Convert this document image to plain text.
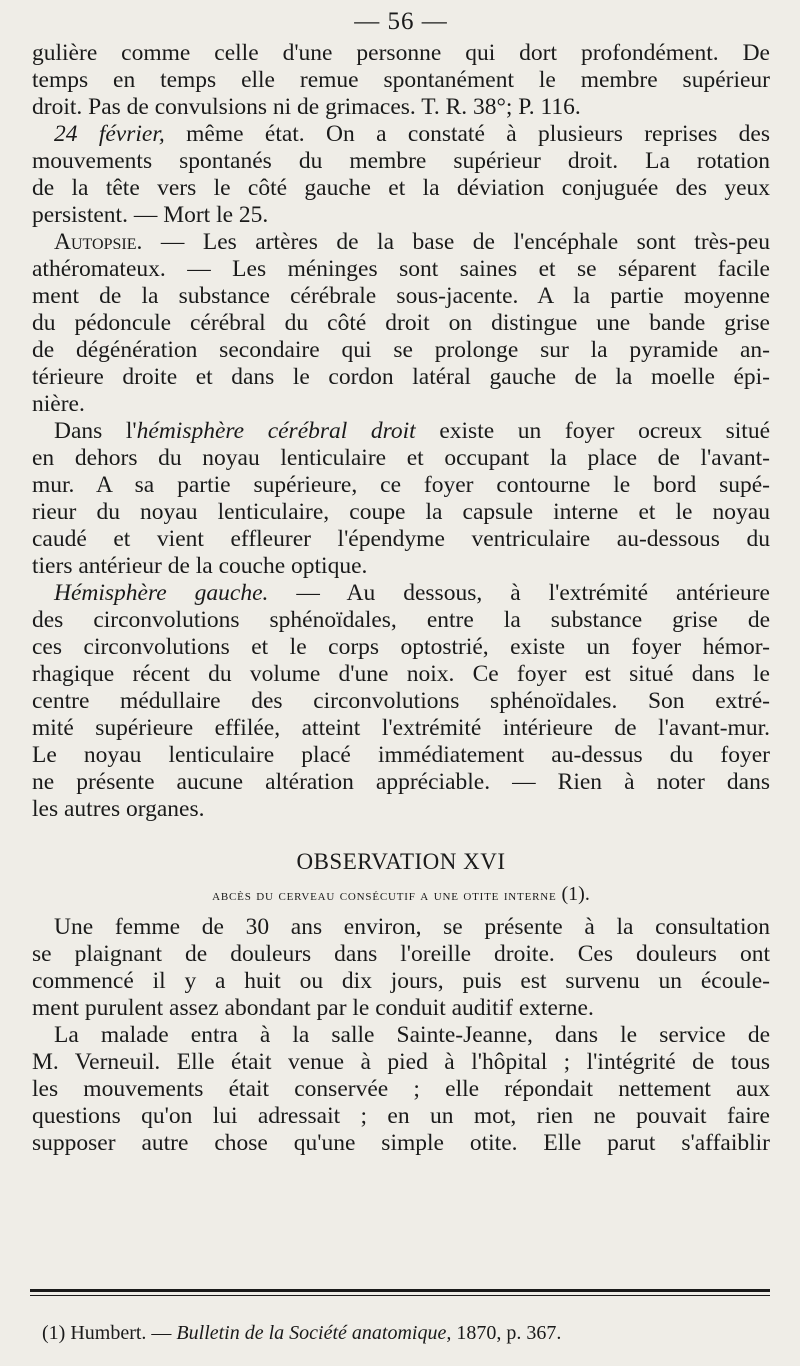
— 56 —
gulière comme celle d'une personne qui dort profondément. De
temps en temps elle remue spontanément le membre supérieur
droit. Pas de convulsions ni de grimaces. T. R. 38°; P. 116.
24 février, même état. On a constaté à plusieurs reprises des
mouvements spontanés du membre supérieur droit. La rotation
de la tête vers le côté gauche et la déviation conjuguée des yeux
persistent. — Mort le 25.
Autopsie. — Les artères de la base de l'encéphale sont très-peu
athéromateux. — Les méninges sont saines et se séparent facile
ment de la substance cérébrale sous-jacente. A la partie moyenne
du pédoncule cérébral du côté droit on distingue une bande grise
de dégénération secondaire qui se prolonge sur la pyramide an-
térieure droite et dans le cordon latéral gauche de la moelle épi-
nière.
Dans l'hémisphère cérébral droit existe un foyer ocreux situé
en dehors du noyau lenticulaire et occupant la place de l'avant-
mur. A sa partie supérieure, ce foyer contourne le bord supé-
rieur du noyau lenticulaire, coupe la capsule interne et le noyau
caudé et vient effleurer l'épendyme ventriculaire au-dessous du
tiers antérieur de la couche optique.
Hémisphère gauche. — Au dessous, à l'extrémité antérieure
des circonvolutions sphénoïdales, entre la substance grise de
ces circonvolutions et le corps optostrié, existe un foyer hémor-
rhagique récent du volume d'une noix. Ce foyer est situé dans le
centre médullaire des circonvolutions sphénoïdales. Son extré-
mité supérieure effilée, atteint l'extrémité intérieure de l'avant-mur.
Le noyau lenticulaire placé immédiatement au-dessus du foyer
ne présente aucune altération appréciable. — Rien à noter dans
les autres organes.
OBSERVATION XVI
abcès du cerveau consécutif a une otite interne (1).
Une femme de 30 ans environ, se présente à la consultation
se plaignant de douleurs dans l'oreille droite. Ces douleurs ont
commencé il y a huit ou dix jours, puis est survenu un écoule-
ment purulent assez abondant par le conduit auditif externe.
La malade entra à la salle Sainte-Jeanne, dans le service de
M. Verneuil. Elle était venue à pied à l'hôpital ; l'intégrité de tous
les mouvements était conservée ; elle répondait nettement aux
questions qu'on lui adressait ; en un mot, rien ne pouvait faire
supposer autre chose qu'une simple otite. Elle parut s'affaiblir
(1) Humbert. — Bulletin de la Société anatomique, 1870, p. 367.
